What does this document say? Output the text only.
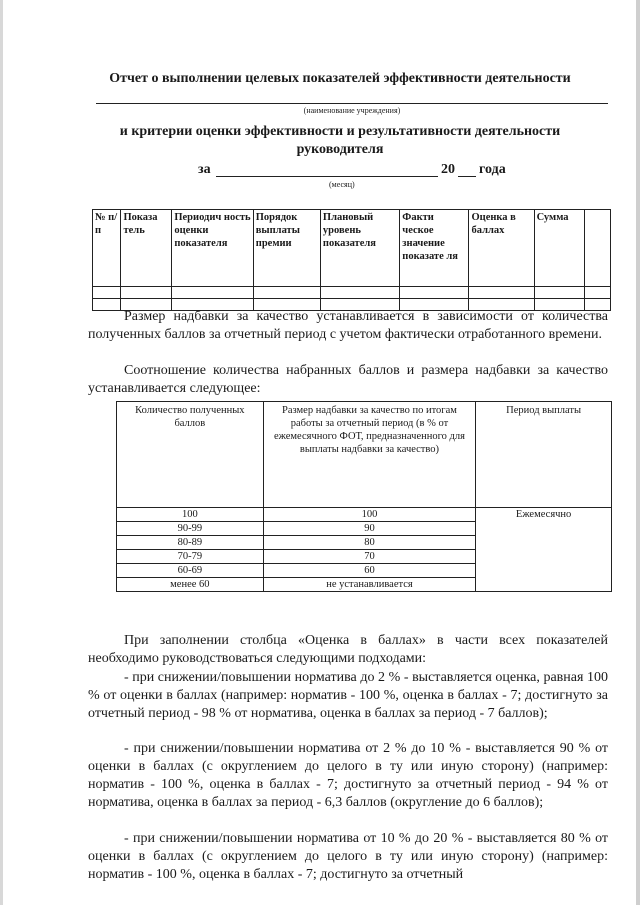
Отчет о выполнении целевых показателей эффективности деятельности
(наименование учреждения)
и критерии оценки эффективности и результативности деятельности
руководителя
за	20 года
(месяц)
№ п/п	Показа тель	Периодич ность оценки показателя	Порядок выплаты премии	Плановый уровень показателя	Факти ческое значение показате ля	Оценка в баллах	Сумма	

Размер надбавки за качество устанавливается в зависимости от количества полученных баллов за отчетный период с учетом фактически отработанного времени.
Соотношение количества набранных баллов и размера надбавки за качество устанавливается следующее:
Количество полученных баллов	Размер надбавки за качество по итогам работы за отчетный период (в % от ежемесячного ФОТ, предназначенного для выплаты надбавки за качество)	Период выплаты
100	100	Ежемесячно
90-99	90	
80-89	80	
70-79	70	
60-69	60	
менее 60	не устанавливается	
При заполнении столбца «Оценка в баллах» в части всех показателей необходимо руководствоваться следующими подходами:
- при снижении/повышении норматива до 2 % - выставляется оценка, равная 100 % от оценки в баллах (например: норматив - 100 %, оценка в баллах - 7; достигнуто за отчетный период - 98 % от норматива, оценка в баллах за период - 7 баллов);
- при снижении/повышении норматива от 2 % до 10 % - выставляется 90 % от оценки в баллах (с округлением до целого в ту или иную сторону) (например: норматив - 100 %, оценка в баллах - 7; достигнуто за отчетный период - 94 % от норматива, оценка в баллах за период - 6,3 баллов (округление до 6 баллов);
- при снижении/повышении норматива от 10 % до 20 % - выставляется 80 % от оценки в баллах (с округлением до целого в ту или иную сторону) (например: норматив - 100 %, оценка в баллах - 7; достигнуто за отчетный
